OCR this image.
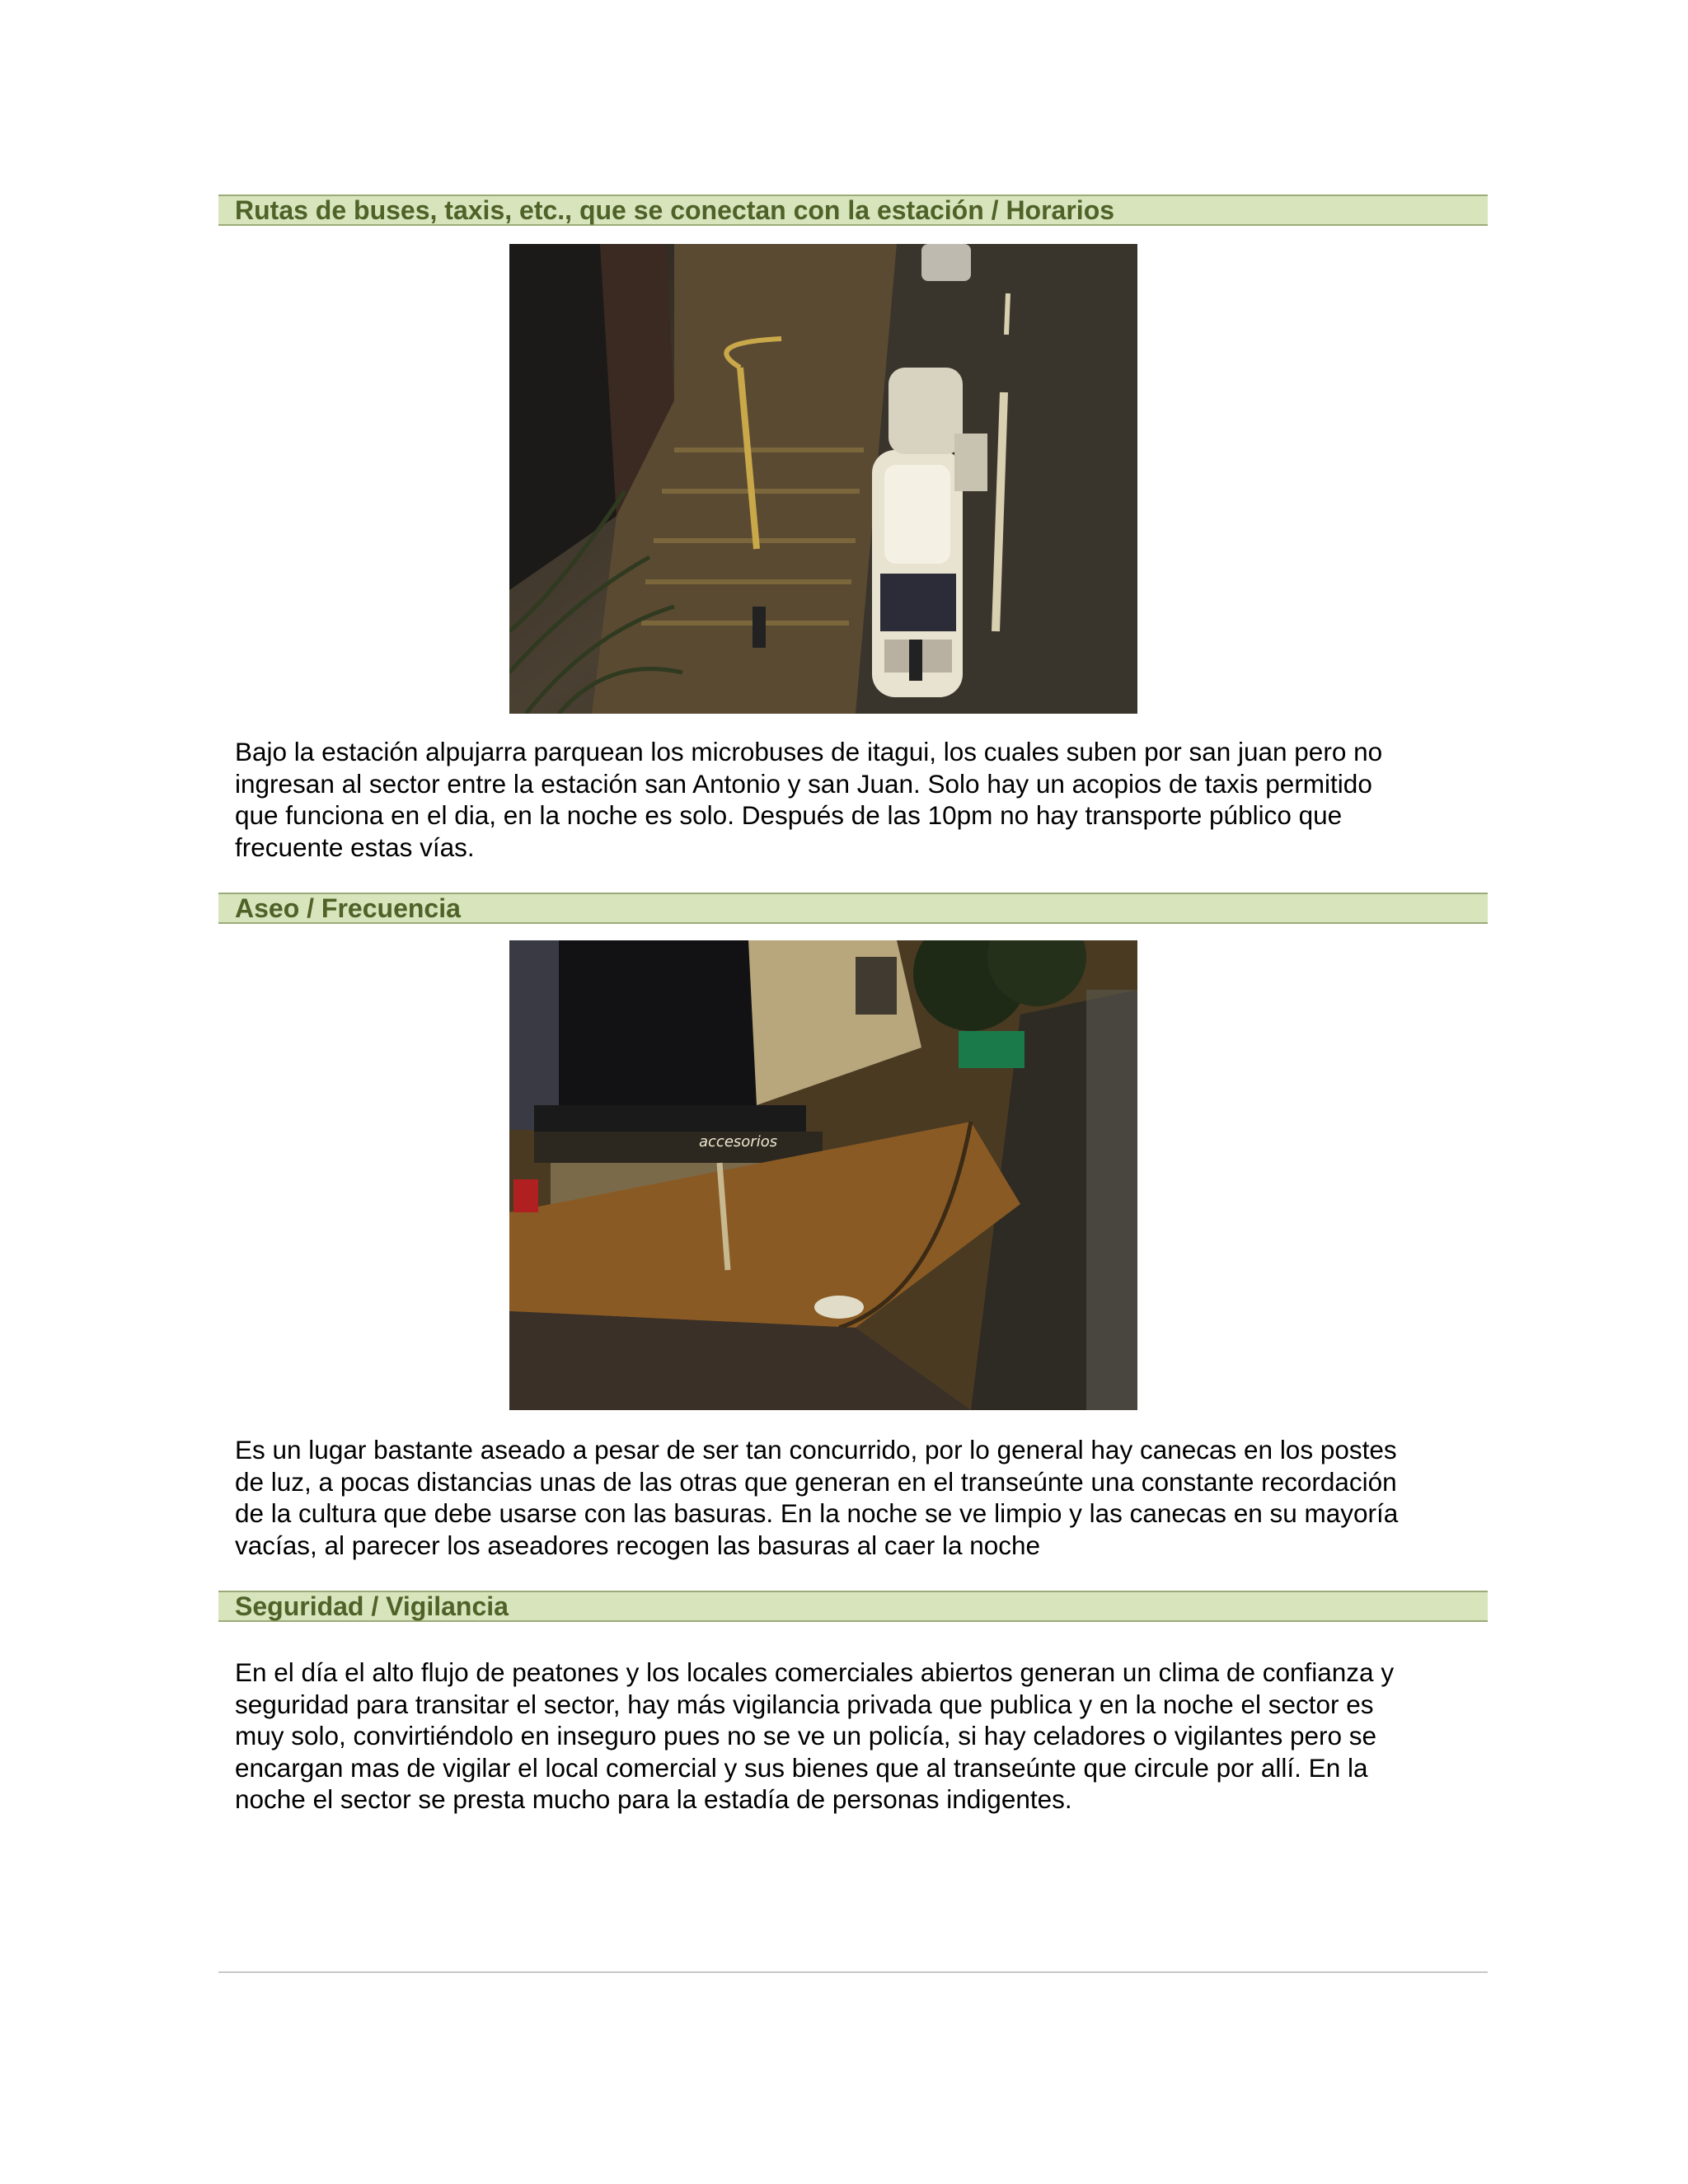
Rutas de buses, taxis, etc., que se conectan con la estación / Horarios

Bajo la estación alpujarra parquean los microbuses de itagui, los cuales suben por san juan pero no
ingresan al sector entre la estación san Antonio y san Juan. Solo hay un acopios de taxis permitido
que funciona en el dia, en la noche es solo. Después de las 10pm no hay transporte público que
frecuente estas vías.

Aseo / Frecuencia
accesorios

Es un lugar bastante aseado a pesar de ser tan concurrido, por lo general hay canecas en los postes
de luz, a pocas distancias unas de las otras que generan en el transeúnte una constante recordación
de la cultura que debe usarse con las basuras. En la noche se ve limpio y las canecas en su mayoría
vacías, al parecer los aseadores recogen las basuras al caer la noche

Seguridad / Vigilancia

En el día el alto flujo de peatones y los locales comerciales abiertos generan un clima de confianza y
seguridad para transitar el sector, hay más vigilancia privada que publica y en la noche el sector es
muy solo, convirtiéndolo en inseguro pues no se ve un policía, si hay celadores o vigilantes pero se
encargan mas de vigilar el local comercial y sus bienes que al transeúnte que circule por allí. En la
noche el sector se presta mucho para la estadía de personas indigentes.
